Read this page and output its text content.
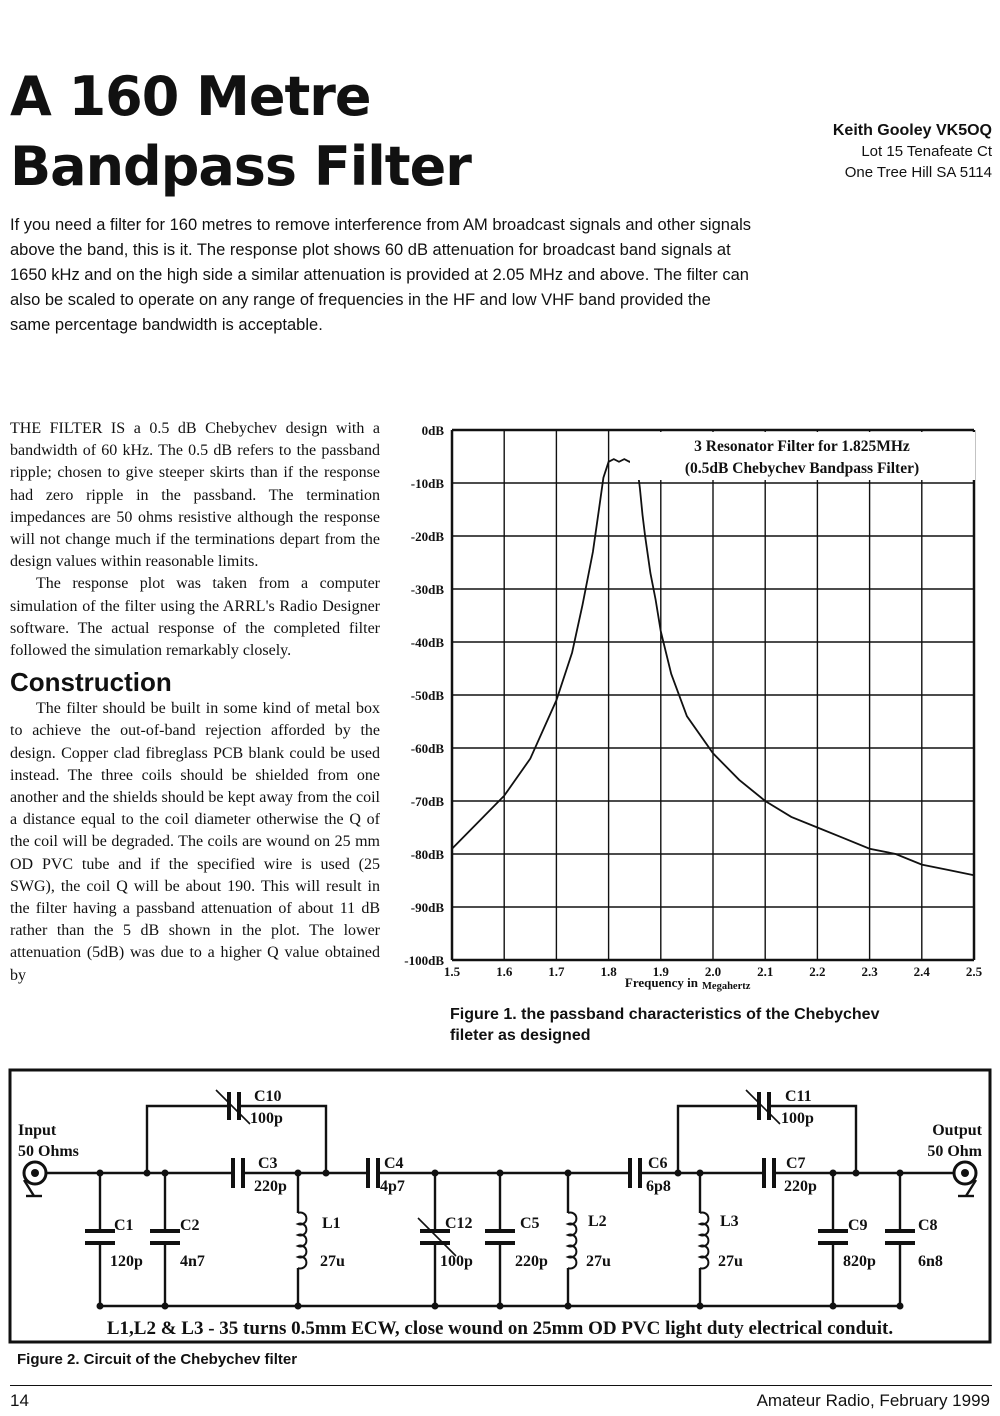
A 160 Metre
Bandpass Filter
Keith Gooley VK5OQ
Lot 15 Tenafeate Ct
One Tree Hill SA 5114
If you need a filter for 160 metres to remove interference from AM broadcast signals and other signals above the band, this is it. The response plot shows 60 dB attenuation for broadcast band signals at 1650 kHz and on the high side a similar attenuation is provided at 2.05 MHz and above. The filter can also be scaled to operate on any range of frequencies in the HF and low VHF band provided the same percentage bandwidth is acceptable.

THE FILTER IS a 0.5 dB Chebychev design with a bandwidth of 60 kHz. The 0.5 dB refers to the passband ripple; chosen to give steeper skirts than if the response had zero ripple in the passband. The termination impedances are 50 ohms resistive although the response will not change much if the terminations depart from the design values within reasonable limits.

The response plot was taken from a computer simulation of the filter using the ARRL's Radio Designer software. The actual response of the completed filter followed the simulation remarkably closely.

Construction

The filter should be built in some kind of metal box to achieve the out-of-band rejection afforded by the design. Copper clad fibreglass PCB blank could be used instead. The three coils should be shielded from one another and the shields should be kept away from the coil a distance equal to the coil diameter otherwise the Q of the coil will be degraded. The coils are wound on 25 mm OD PVC tube and if the specified wire is used (25 SWG), the coil Q will be about 190. This will result in the filter having a passband attenuation of about 11 dB rather than the 5 dB shown in the plot. The lower attenuation (5dB) was due to a higher Q value obtained by

0dB
-10dB
-20dB
-30dB
-40dB
-50dB
-60dB
-70dB
-80dB
-90dB
-100dB
1.5	1.6	1.7	1.8	1.9	2.0	2.1	2.2	2.3	2.4	2.5
3 Resonator Filter for 1.825MHz
(0.5dB Chebychev Bandpass Filter)
Frequency in Megahertz
Figure 1. the passband characteristics of the Chebychev fileter as designed
Input
50 Ohms
Output
50 Ohm
C10
100p
C11
100p
C3
220p
C4
4p7
C6
6p8
C7
220p
C1
120p
C2
4n7
L1
27u
C12
100p
C5
220p
L2
27u
L3
27u
C9
820p
C8
6n8
L1,L2 & L3 - 35 turns 0.5mm ECW, close wound on 25mm OD PVC light duty electrical conduit.
Figure 2. Circuit of the Chebychev filter
14	Amateur Radio, February 1999
